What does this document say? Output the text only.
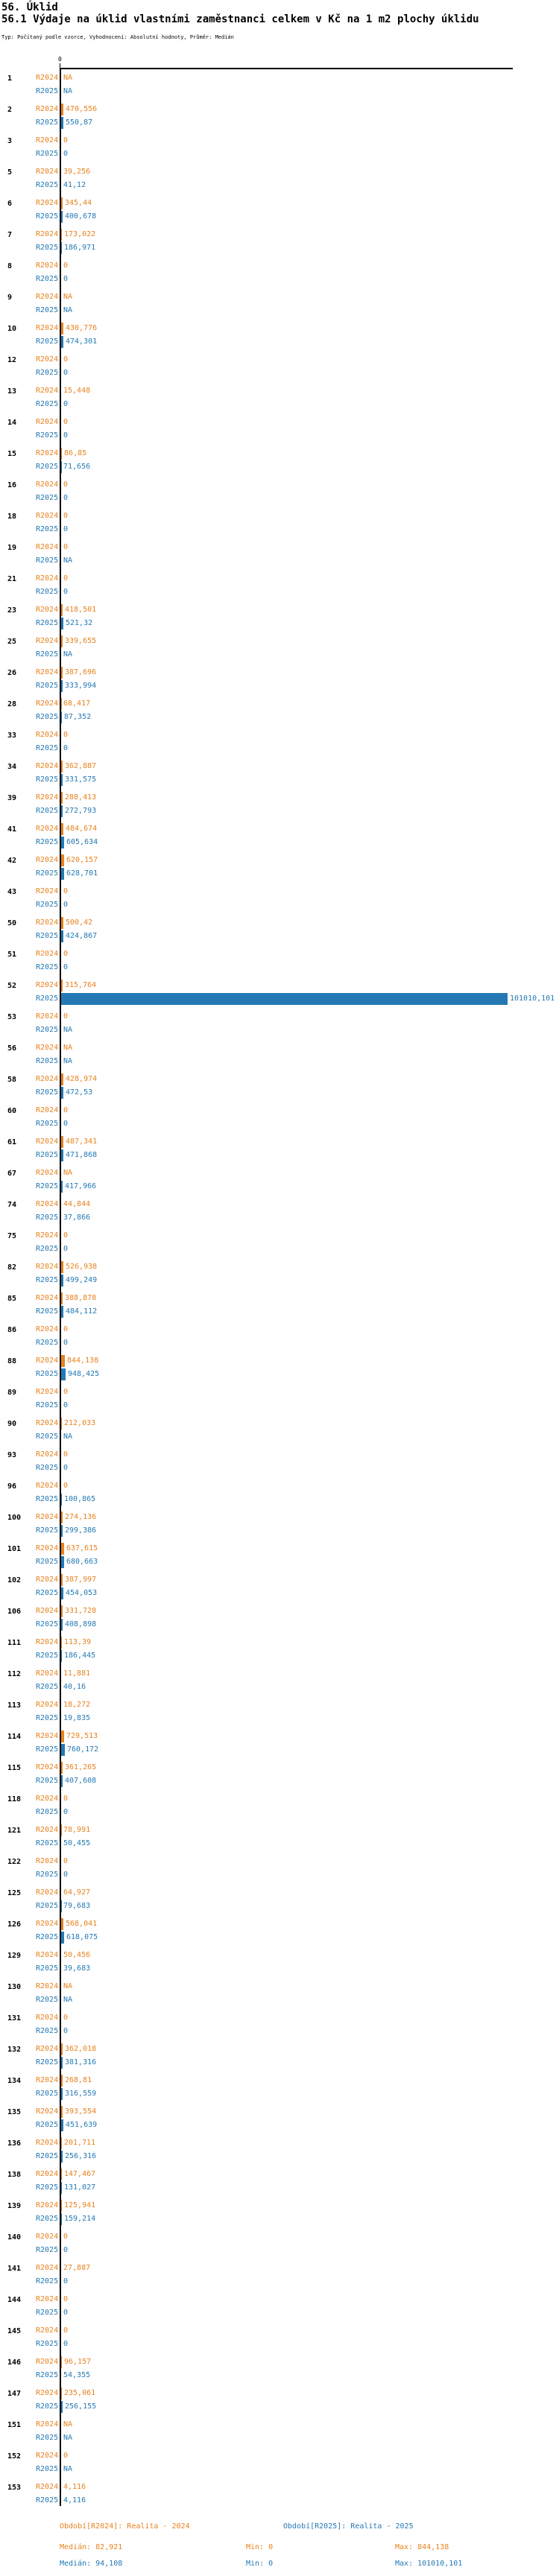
56. Úklid
56.1 Výdaje na úklid vlastními zaměstnanci celkem v Kč na 1 m2 plochy úklidu
Typ: Počítaný podle vzorce, Vyhodnocení: Absolutní hodnoty, Průměr: Medián
0
1	R2024 NA
R2025 NA
2	R2024 470,556
R2025 550,87
3	R2024 0
R2025 0
5	R2024 39,256
R2025 41,12
6	R2024 345,44
R2025 400,678
7	R2024 173,022
R2025 186,971
8	R2024 0
R2025 0
9	R2024 NA
R2025 NA
10	R2024 430,776
R2025 474,301
12	R2024 0
R2025 0
13	R2024 15,448
R2025 0
14	R2024 0
R2025 0
15	R2024 86,85
R2025 71,656
16	R2024 0
R2025 0
18	R2024 0
R2025 0
19	R2024 0
R2025 NA
21	R2024 0
R2025 0
23	R2024 418,501
R2025 521,32
25	R2024 339,655
R2025 NA
26	R2024 387,696
R2025 333,994
28	R2024 68,417
R2025 87,352
33	R2024 0
R2025 0
34	R2024 362,887
R2025 331,575
39	R2024 288,413
R2025 272,793
41	R2024 484,674
R2025 605,634
42	R2024 620,157
R2025 628,701
43	R2024 0
R2025 0
50	R2024 500,42
R2025 424,867
51	R2024 0
R2025 0
52	R2024 315,764
R2025	101010,101
53	R2024 0
R2025 NA
56	R2024 NA
R2025 NA
58	R2024 428,974
R2025 472,53
60	R2024 0
R2025 0
61	R2024 487,341
R2025 471,868
67	R2024 NA
R2025 417,966
74	R2024 44,844
R2025 37,866
75	R2024 0
R2025 0
82	R2024 526,938
R2025 499,249
85	R2024 388,878
R2025 484,112
86	R2024 0
R2025 0
88	R2024 844,138
R2025 948,425
89	R2024 0
R2025 0
90	R2024 212,033
R2025 NA
93	R2024 0
R2025 0
96	R2024 0
R2025 100,865
100 R2024 274,136
R2025 299,386
101 R2024 637,615
R2025 680,663
102 R2024 387,997
R2025 454,053
106 R2024 331,728
R2025 408,898
111 R2024 113,39
R2025 186,445
112 R2024 11,881
R2025 40,16
113 R2024 18,272
R2025 19,835
114 R2024 729,513
R2025 760,172
115 R2024 361,265
R2025 407,608
118 R2024 0
R2025 0
121 R2024 78,991
R2025 50,455
122 R2024 0
R2025 0
125 R2024 64,927
R2025 79,683
126 R2024 568,041
R2025 618,075
129 R2024 50,456
R2025 39,683
130 R2024 NA
R2025 NA
131 R2024 0
R2025 0
132 R2024 362,018
R2025 381,316
134 R2024 268,81
R2025 316,559
135 R2024 393,554
R2025 451,639
136 R2024 201,711
R2025 256,316
138 R2024 147,467
R2025 131,027
139 R2024 125,941
R2025 159,214
140 R2024 0
R2025 0
141 R2024 27,887
R2025 0
144 R2024 0
R2025 0
145 R2024 0
R2025 0
146 R2024 96,157
R2025 54,355
147 R2024 235,061
R2025 256,155
151 R2024 NA
R2025 NA
152 R2024 0
R2025 NA
153 R2024 4,116
R2025 4,116
Období[R2024]: Realita - 2024	Období[R2025]: Realita - 2025
Medián: 82,921	Min: 0	Max: 844,138
Medián: 94,108	Min: 0	Max: 101010,101
